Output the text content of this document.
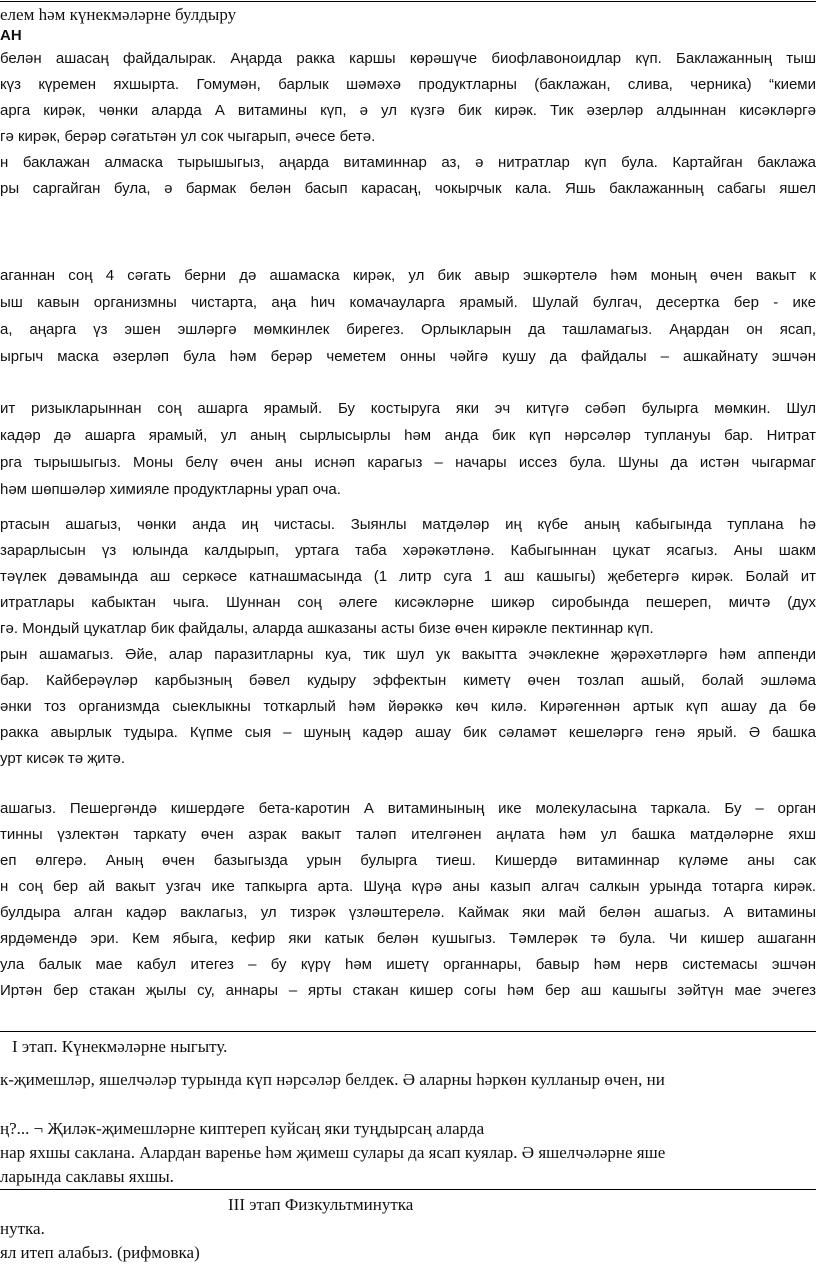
елем һәм күнекмәләрне булдыру
АН
белән ашасаң файдалырак. Аңарда ракка каршы көрәшүче биофлавоноидлар күп. Баклажанның тыш
күз күремен яхшырта. Гомумән, барлык шәмәхә продуктларны (баклажан, слива, черника) “киеми
арга кирәк, чөнки аларда А витамины күп, ә ул күзгә бик кирәк. Тик әзерләр алдыннан кисәкләргә
гә кирәк, берәр сәгатьтән ул сок чыгарып, әчесе бетә.
н баклажан алмаска тырышыгыз, аңарда витаминнар аз, ә нитратлар күп була. Картайган баклажа
ры саргайган була, ә бармак белән басып карасаң, чокырчык кала. Яшь баклажанның сабагы яшел
аганнан соң 4 сәгать берни дә ашамаска кирәк, ул бик авыр эшкәртелә һәм моның өчен вакыт к
ыш кавын организмны чистарта, аңа һич комачауларга ярамый. Шулай булгач, десертка бер - ике
а, аңарга үз эшен эшләргә мөмкинлек бирегез. Орлыкларын да ташламагыз. Аңардан он ясап,
ыргыч маска әзерләп була һәм берәр чеметем онны чәйгә кушу да файдалы – ашкайнату эшчән
ит ризыкларыннан соң ашарга ярамый. Бу костыруга яки эч китүгә сәбәп булырга мөмкин. Шул
кадәр дә ашарга ярамый, ул аның сырлысырлы һәм анда бик күп нәрсәләр туплануы бар. Нитрат
рга тырышыгыз. Моны белү өчен аны иснәп карагыз – начары иссез була. Шуны да истән чыгармаг
һәм шөпшәләр химияле продуктларны урап оча.
ртасын ашагыз, чөнки анда иң чистасы. Зыянлы матдәләр иң күбе аның кабыгында тупланa һә
зарарлысын үз юлында калдырып, уртага таба хәрәкәтләнә. Кабыгыннан цукат ясагыз. Аны шакм
тәүлек дәвамында аш серкәсе катнашмасында (1 литр суга 1 аш кашыгы) җебетергә кирәк. Болай ит
итратлары кабыктан чыга. Шуннан соң әлеге кисәкләрне шикәр сиробында пешереп, мичтә (дух
гә. Мондый цукатлар бик файдалы, аларда ашказаны асты бизе өчен кирәкле пектиннар күп.
рын ашамагыз. Әйе, алар паразитларны куа, тик шул ук вакытта эчәклекне җәрәхәтләргә һәм аппенди
бар. Кайберәүләр карбызның бәвел кудыру эффектын киметү өчен тозлап ашый, болай эшләма
әнки тоз организмда сыеклыкны тоткарлый һәм йөрәккә көч килә. Кирәгеннән артык күп ашау да бө
ракка авырлык тудыра. Күпме сыя – шуның кадәр ашау бик сәламәт кешеләргә генә ярый. Ә башка
урт кисәк тә җитә.
ашагыз. Пешергәндә кишердәге бета-каротин А витаминының ике молекуласына таркала. Бу – орган
тинны үзлектән таркату өчен азрак вакыт таләп ителгәнен аңлата һәм ул башка матдәләрне яхш
еп өлгерә. Аның өчен базыгызда урын булырга тиеш. Кишердә витаминнар күләме аны сак
н соң бер ай вакыт узгач ике тапкырга арта. Шуңа күрә аны казып алгач салкын урында тотарга кирәк.
булдыра алган кадәр ваклагыз, ул тизрәк үзләштерелә. Каймак яки май белән ашагыз. А витамины
ярдәмендә эри. Кем ябыга, кефир яки катык белән кушыгыз. Тәмлерәк тә була. Чи кишер ашаганн
ула балык мае кабул итегез – бу күрү һәм ишетү органнары, бавыр һәм нерв системасы эшчән
Иртән бер стакан җылы су, аннары – ярты стакан кишер согы һәм бер аш кашыгы зәйтүн мае эчегез
I этап. Күнекмәләрне ныгыту.
к-җимешләр, яшелчәләр турында күп нәрсәләр белдек. Ә аларны һәркөн кулланыр өчен, ни
ң?... ¬ Җиләк-җимешләрне киптереп куйсаң яки туңдырсаң аларда
нар яхшы саклана. Алардан варенье һәм җимеш сулары да ясап куялар. Ә яшелчәләрне яше
ларында саклавы яхшы.
III этап Физкультминутка
нутка.
ял итеп алабыз. (рифмовка)
